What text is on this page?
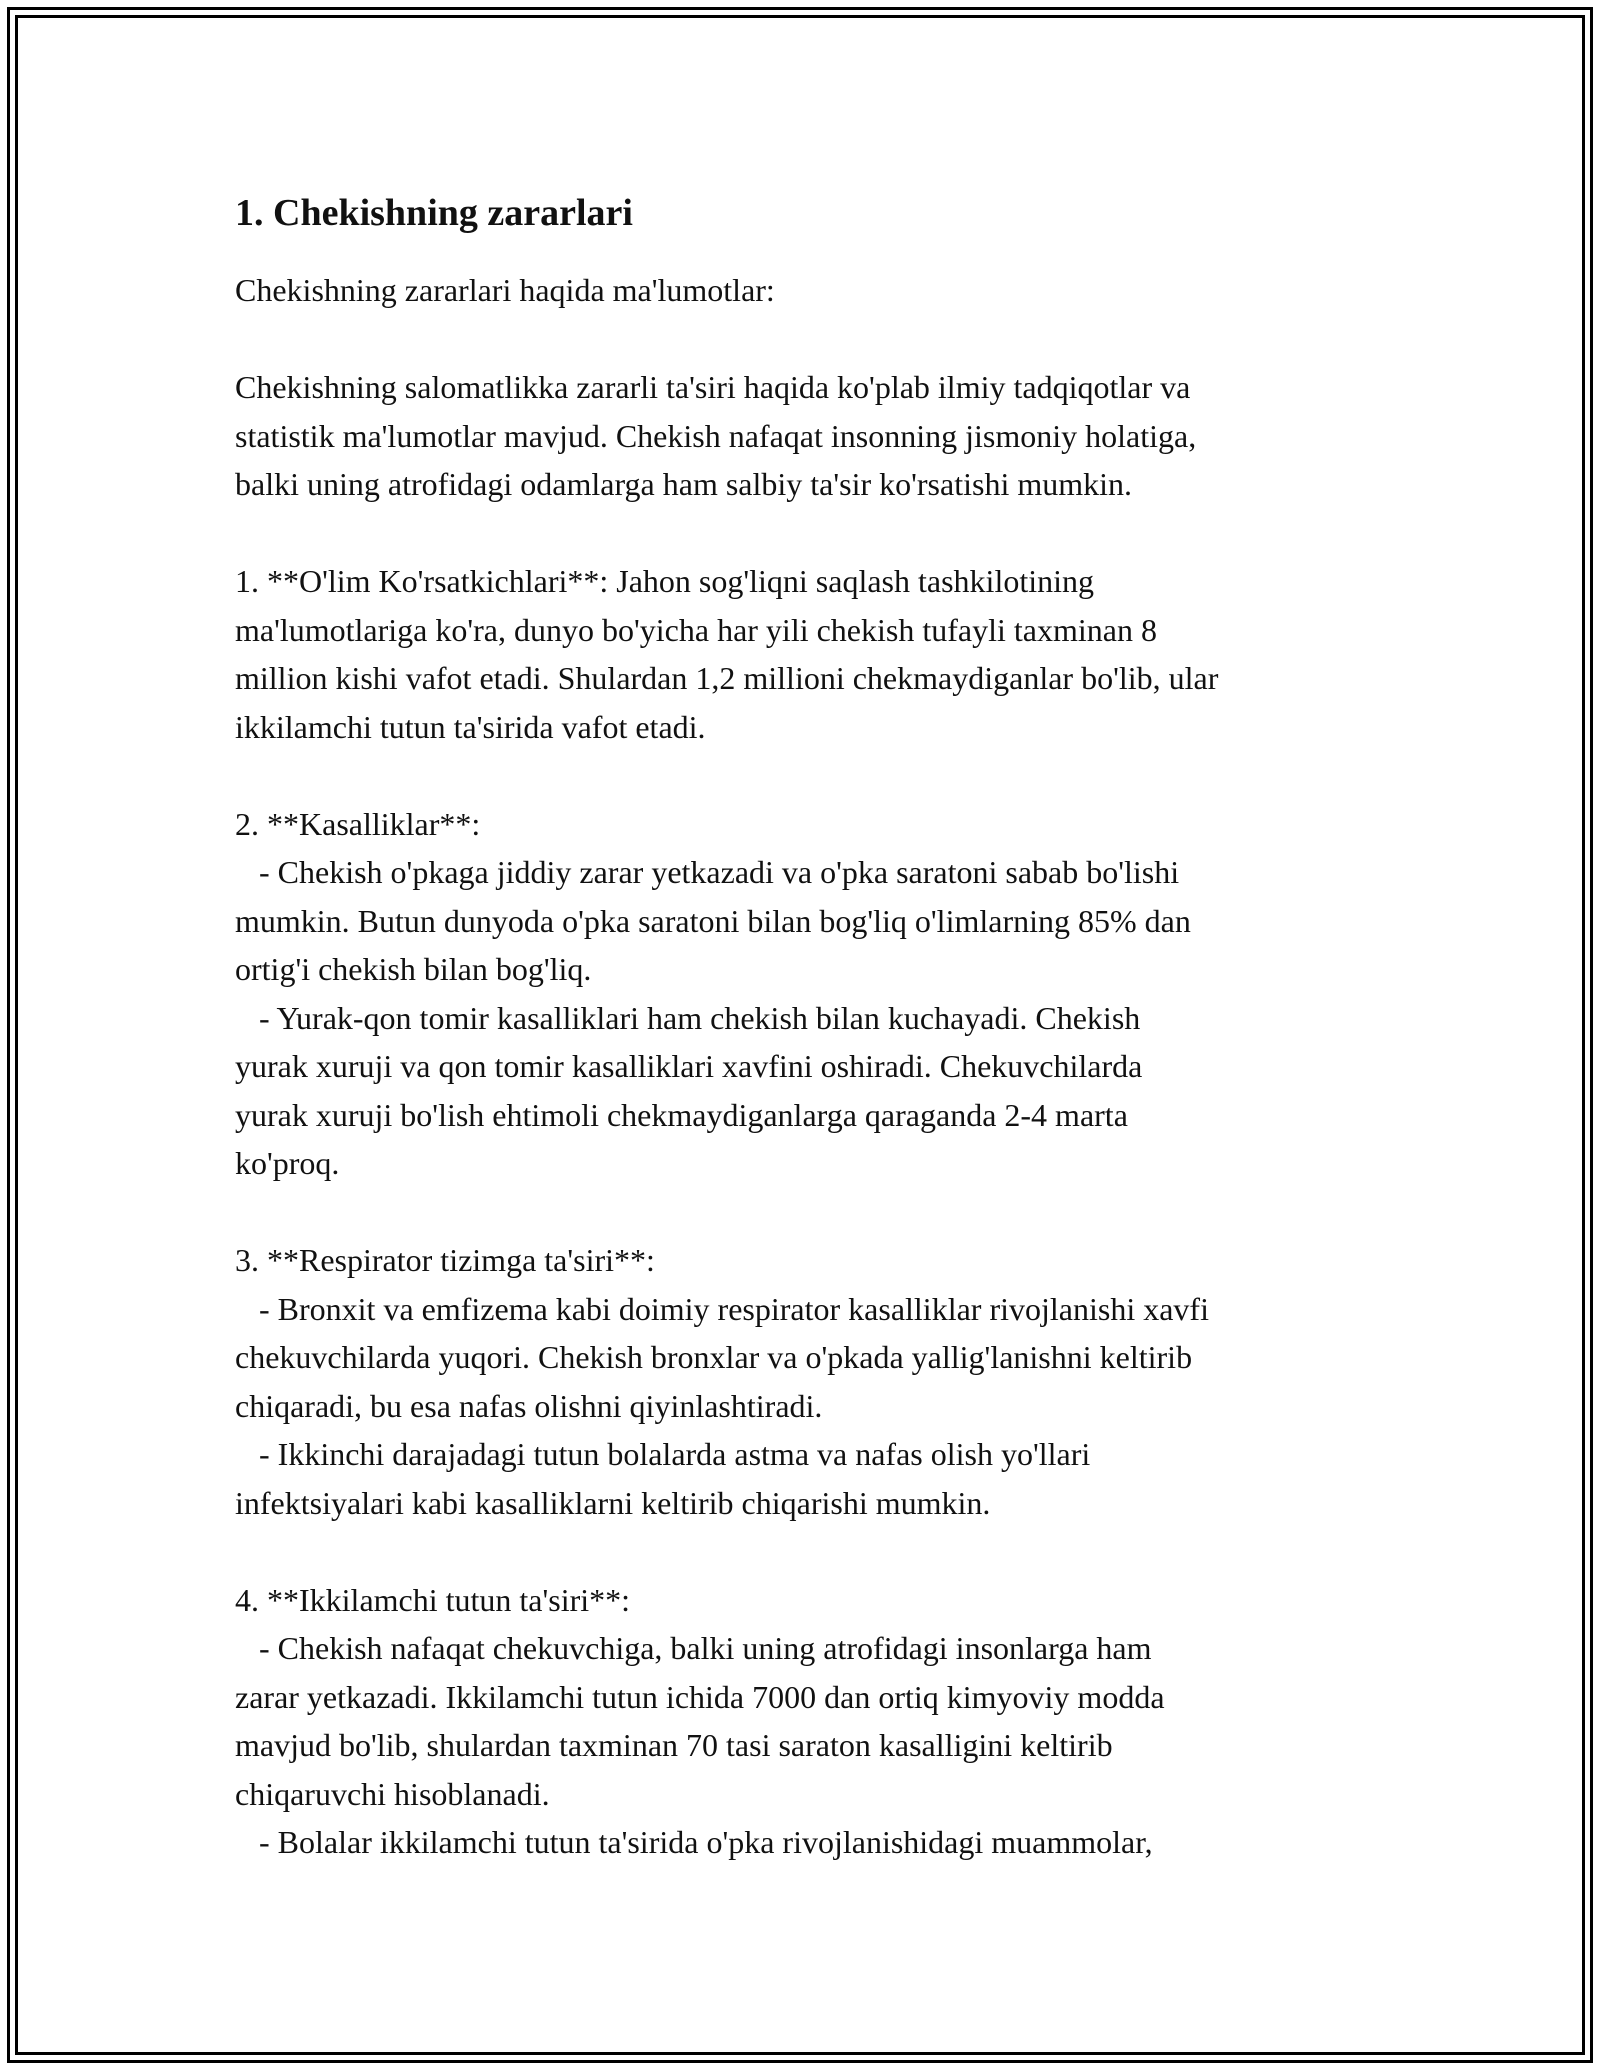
1. Chekishning zararlari

Chekishning zararlari haqida ma'lumotlar:

Chekishning salomatlikka zararli ta'siri haqida ko'plab ilmiy tadqiqotlar va
statistik ma'lumotlar mavjud. Chekish nafaqat insonning jismoniy holatiga,
balki uning atrofidagi odamlarga ham salbiy ta'sir ko'rsatishi mumkin.

1. **O'lim Ko'rsatkichlari**: Jahon sog'liqni saqlash tashkilotining
ma'lumotlariga ko'ra, dunyo bo'yicha har yili chekish tufayli taxminan 8
million kishi vafot etadi. Shulardan 1,2 millioni chekmaydiganlar bo'lib, ular
ikkilamchi tutun ta'sirida vafot etadi.

2. **Kasalliklar**:
- Chekish o'pkaga jiddiy zarar yetkazadi va o'pka saratoni sabab bo'lishi
mumkin. Butun dunyoda o'pka saratoni bilan bog'liq o'limlarning 85% dan
ortig'i chekish bilan bog'liq.
- Yurak-qon tomir kasalliklari ham chekish bilan kuchayadi. Chekish
yurak xuruji va qon tomir kasalliklari xavfini oshiradi. Chekuvchilarda
yurak xuruji bo'lish ehtimoli chekmaydiganlarga qaraganda 2-4 marta
ko'proq.

3. **Respirator tizimga ta'siri**:
- Bronxit va emfizema kabi doimiy respirator kasalliklar rivojlanishi xavfi
chekuvchilarda yuqori. Chekish bronxlar va o'pkada yallig'lanishni keltirib
chiqaradi, bu esa nafas olishni qiyinlashtiradi.
- Ikkinchi darajadagi tutun bolalarda astma va nafas olish yo'llari
infektsiyalari kabi kasalliklarni keltirib chiqarishi mumkin.

4. **Ikkilamchi tutun ta'siri**:
- Chekish nafaqat chekuvchiga, balki uning atrofidagi insonlarga ham
zarar yetkazadi. Ikkilamchi tutun ichida 7000 dan ortiq kimyoviy modda
mavjud bo'lib, shulardan taxminan 70 tasi saraton kasalligini keltirib
chiqaruvchi hisoblanadi.
- Bolalar ikkilamchi tutun ta'sirida o'pka rivojlanishidagi muammolar,
